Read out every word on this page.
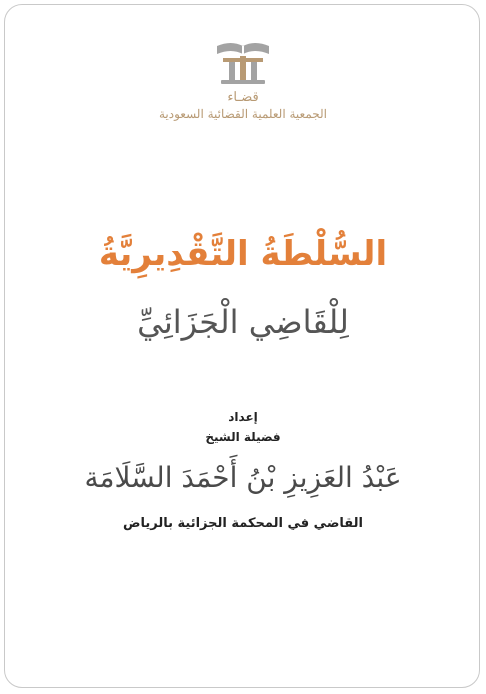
قضـاء
الجمعية العلمية القضائية السعودية
السُّلْطَةُ التَّقْدِيرِيَّةُ
لِلْقَاضِي الْجَزَائِيِّ
إعداد
فضيلة الشيخ
عَبْدُ العَزِيزِ بْنُ أَحْمَدَ السَّلَامَة
القاضي في المحكمة الجزائية بالرياض
